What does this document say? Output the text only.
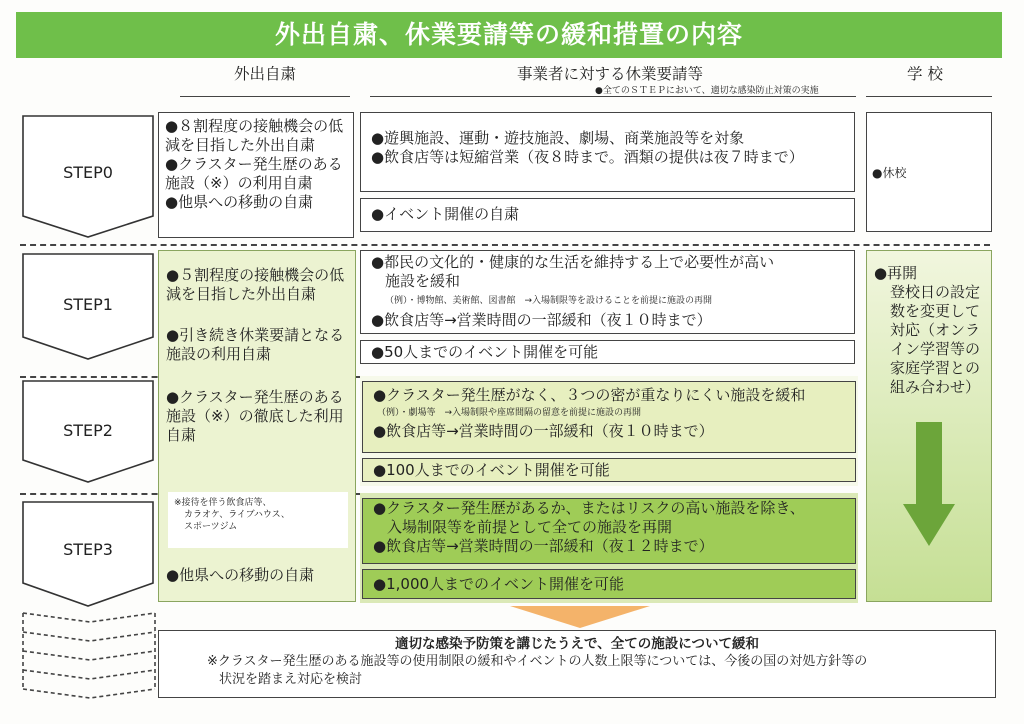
外出自粛、休業要請等の緩和措置の内容
外出自粛	事業者に対する休業要請等
●全てのＳＴＥＰにおいて、適切な感染防止対策の実施
学 校
STEP0
STEP1
STEP2
STEP3
●８割程度の接触機会の低減を目指した外出自粛
●クラスター発生歴のある施設（※）の利用自粛
●他県への移動の自粛
●５割程度の接触機会の低減を目指した外出自粛
●引き続き休業要請となる施設の利用自粛
●クラスター発生歴のある施設（※）の徹底した利用自粛
※接待を伴う飲食店等、
カラオケ、ライブハウス、
スポーツジム
●他県への移動の自粛
●遊興施設、運動・遊技施設、劇場、商業施設等を対象
●飲食店等は短縮営業（夜８時まで。酒類の提供は夜７時まで）
●イベント開催の自粛
●都民の文化的・健康的な生活を維持する上で必要性が高い
施設を緩和
（例）・博物館、美術館、図書館　→入場制限等を設けることを前提に施設の再開
●飲食店等→営業時間の一部緩和（夜１０時まで）
●50人までのイベント開催を可能
●クラスター発生歴がなく、３つの密が重なりにくい施設を緩和
（例）・劇場等　→入場制限や座席間隔の留意を前提に施設の再開
●飲食店等→営業時間の一部緩和（夜１０時まで）
●100人までのイベント開催を可能
●クラスター発生歴があるか、またはリスクの高い施設を除き、
入場制限等を前提として全ての施設を再開
●飲食店等→営業時間の一部緩和（夜１２時まで）
●1,000人までのイベント開催を可能
●休校
●再開
登校日の設定
数を変更して
対応（オンラ
イン学習等の
家庭学習との
組み合わせ）
適切な感染予防策を講じたうえで、全ての施設について緩和
※クラスター発生歴のある施設等の使用制限の緩和やイベントの人数上限等については、今後の国の対処方針等の
状況を踏まえ対応を検討
